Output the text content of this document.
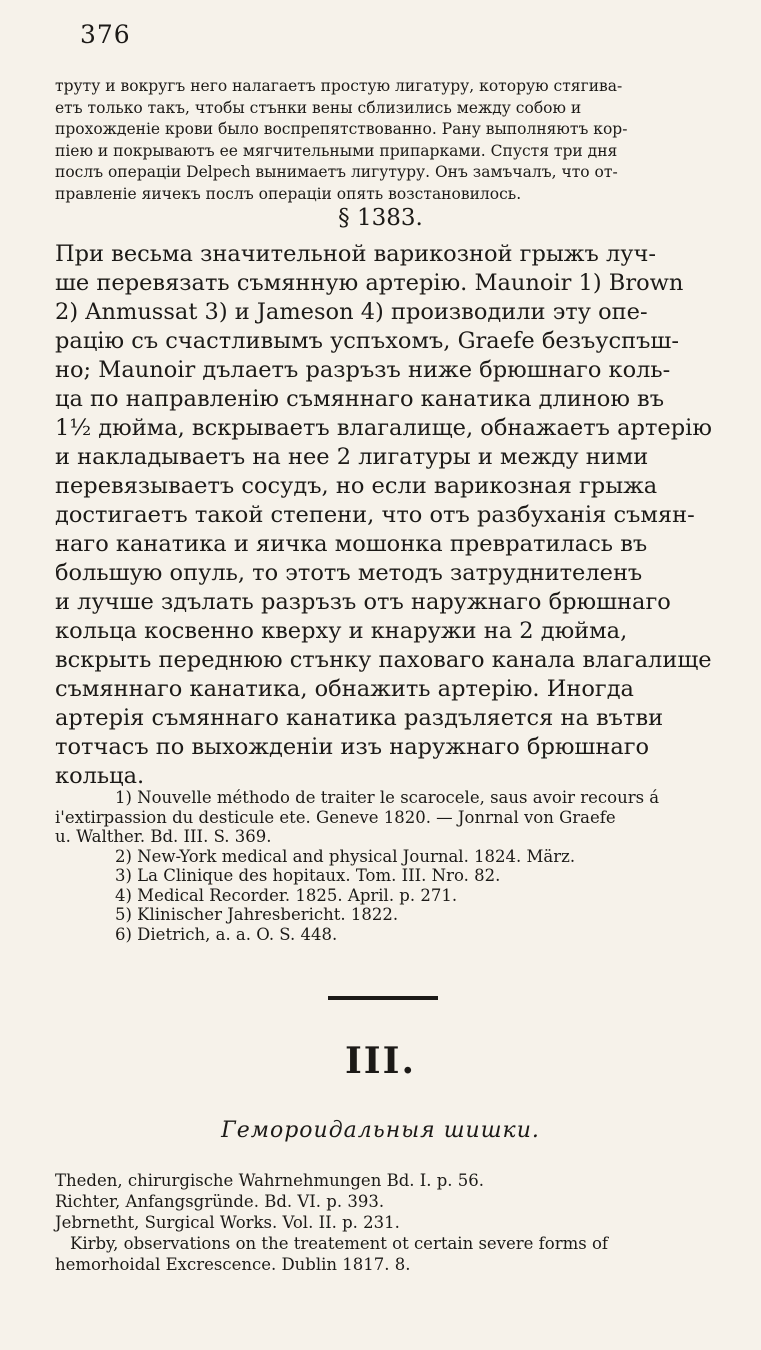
376
труту и вокругъ него налагаетъ простую лигатуру, которую стягива-
етъ только такъ, чтобы стънки вены сблизились между собою и
прохожденіе крови было воспрепятствованно. Рану выполняютъ кор-
пiею и покрываютъ ее мягчительными припарками. Спустя три дня
послъ операціи Delpech вынимаетъ лигутуру. Онъ замъчалъ, что от-
правленіе яичекъ послъ операціи опять возстановилось.
§ 1383.
При весьма значительной варикозной грыжъ луч-
ше перевязать съмянную артерію. Maunoir 1) Brown
2) Anmussat 3) и Jameson 4) производили эту опе-
рацію съ счастливымъ успъхомъ, Graefe безъуспъш-
но; Maunoir дълаетъ разръзъ ниже брюшнаго коль-
ца по направленію съмяннаго канатика длиною въ
1½ дюйма, вскрываетъ влагалище, обнажаетъ артерію
и накладываетъ на нее 2 лигатуры и между ними
перевязываетъ сосудъ, но если варикозная грыжа
достигаетъ такой степени, что отъ разбуханія съмян-
наго канатика и яичка мошонка превратилась въ
большую опуль, то этотъ методъ затруднителенъ
и лучше здълать разръзъ отъ наружнаго брюшнаго
кольца косвенно кверху и кнаружи на 2 дюйма,
вскрыть переднюю стънку паховаго канала влагалище
съмяннаго канатика, обнажить артерію. Иногда
артерія съмяннаго канатика раздъляется на вътви
тотчасъ по выхожденіи изъ наружнаго брюшнаго
кольца.
1) Nouvelle méthodo de traiter le scarocele, saus avoir recours á
i'extirpassion du desticule ete. Geneve 1820. — Jonrnal von Graefe
u. Walther. Bd. III. S. 369.
2) New-York medical and physical Journal. 1824. März.
3) La Clinique des hopitaux. Tom. III. Nro. 82.
4) Medical Recorder. 1825. April. p. 271.
5) Klinischer Jahresbericht. 1822.
6) Dietrich, a. a. O. S. 448.
III.
Геморoидальныя шишки.
Theden, chirurgische Wahrnehmungen Bd. I. p. 56.
Richter, Anfangsgründe. Bd. VI. p. 393.
Jebrnetht, Surgical Works. Vol. II. p. 231.
Kirby, observations on the treatement ot certain severe forms of
hemorhoidal Excrescence. Dublin 1817. 8.
